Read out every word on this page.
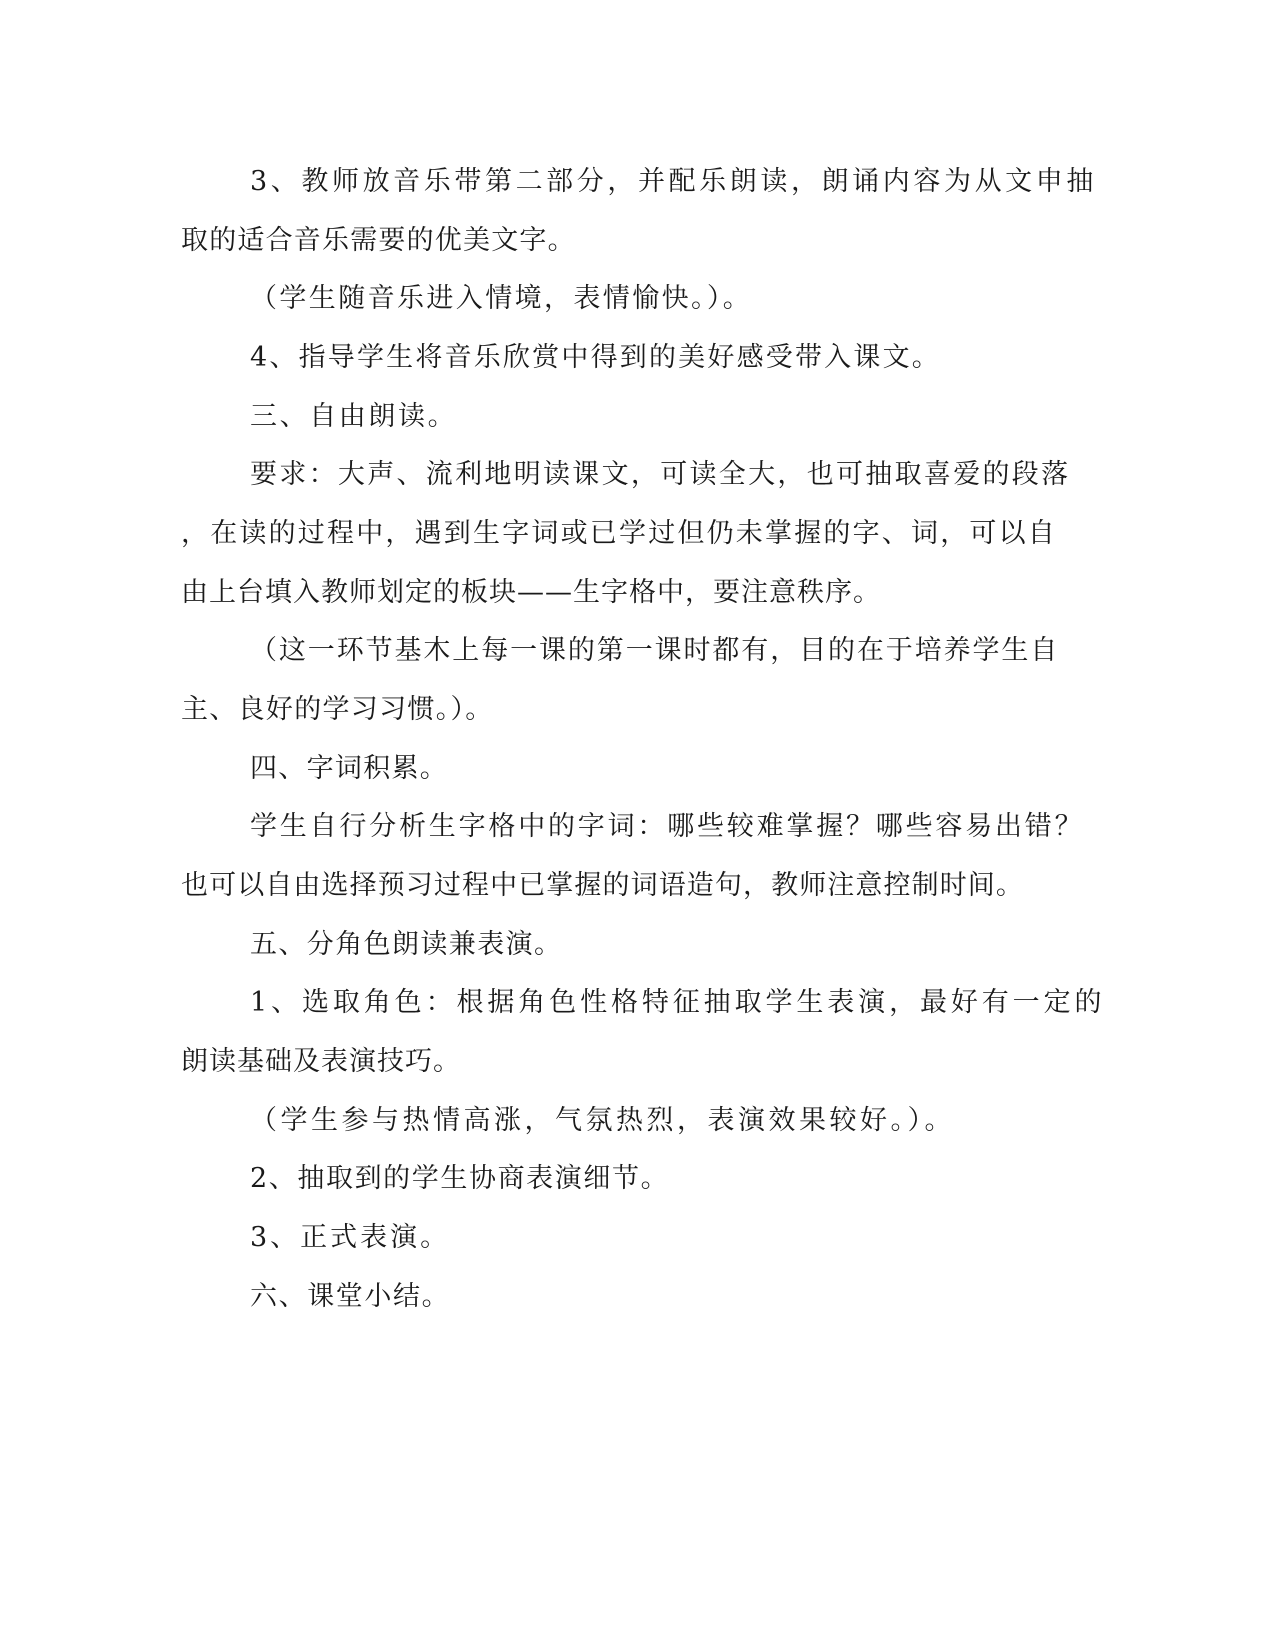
3、教师放音乐带第二部分，并配乐朗读，朗诵内容为从文申抽

取的适合音乐需要的优美文字。

（学生随音乐进入情境，表情愉快。）。

4、指导学生将音乐欣赏中得到的美好感受带入课文。

三、自由朗读。

要求：大声、流利地明读课文，可读全大，也可抽取喜爱的段落

，在读的过程中，遇到生字词或已学过但仍未掌握的字、词，可以自

由上台填入教师划定的板块——生字格中，要注意秩序。

（这一环节基木上每一课的第一课时都有，目的在于培养学生自

主、良好的学习习惯。）。

四、字词积累。

学生自行分析生字格中的字词：哪些较难掌握？哪些容易出错？

也可以自由选择预习过程中已掌握的词语造句，教师注意控制时间。

五、分角色朗读兼表演。

1、选取角色：根据角色性格特征抽取学生表演，最好有一定的

朗读基础及表演技巧。

（学生参与热情高涨，气氛热烈，表演效果较好。）。

2、抽取到的学生协商表演细节。

3、正式表演。

六、课堂小结。
